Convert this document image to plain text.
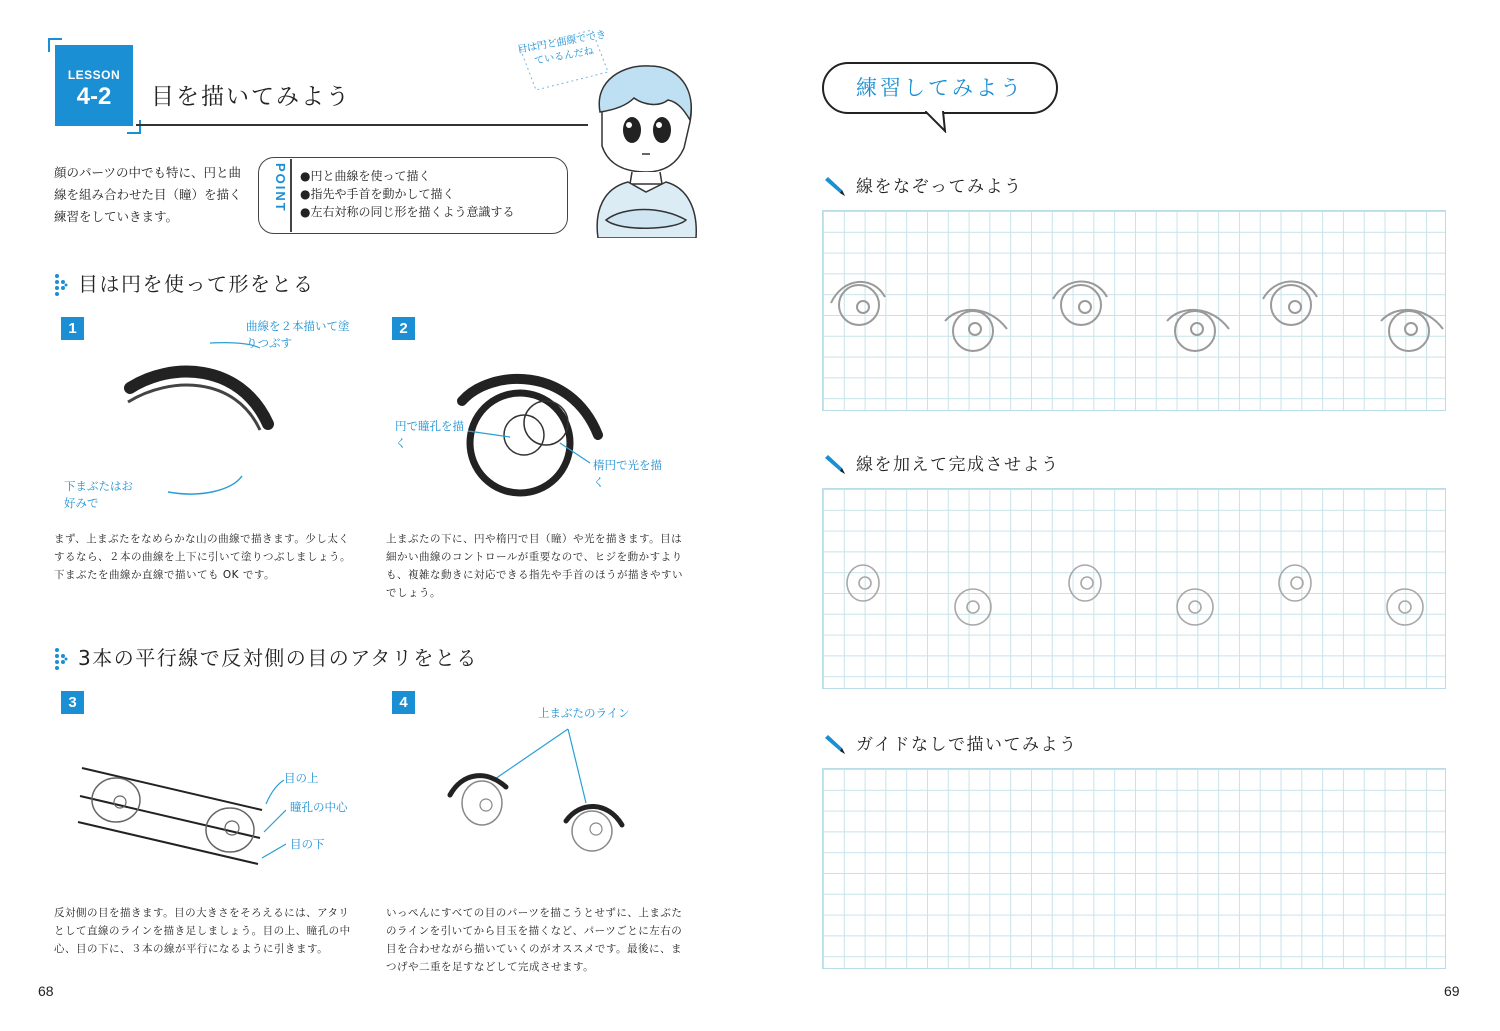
LESSON
4-2	目を描いてみよう
顔のパーツの中でも特に、円と曲線を組み合わせた目（瞳）を描く練習をしていきます。
POINT ●円と曲線を使って描く
●指先や手首を動かして描く
●左右対称の同じ形を描くよう意識する
目は円と曲線でできているんだね
目は円を使って形をとる
1	曲線を２本描いて塗りつぶす
下まぶたはお好みで
まず、上まぶたをなめらかな山の曲線で描きます。少し太くするなら、２本の曲線を上下に引いて塗りつぶしましょう。下まぶたを曲線か直線で描いても OK です。
2
円で瞳孔を描く
楕円で光を描く
上まぶたの下に、円や楕円で目（瞳）や光を描きます。目は細かい曲線のコントロールが重要なので、ヒジを動かすよりも、複雑な動きに対応できる指先や手首のほうが描きやすいでしょう。
3本の平行線で反対側の目のアタリをとる
3
目の上
瞳孔の中心
目の下
反対側の目を描きます。目の大きさをそろえるには、アタリとして直線のラインを描き足しましょう。目の上、瞳孔の中心、目の下に、３本の線が平行になるように引きます。
4
上まぶたのライン
いっぺんにすべての目のパーツを描こうとせずに、上まぶたのラインを引いてから目玉を描くなど、パーツごとに左右の目を合わせながら描いていくのがオススメです。最後に、まつげや二重を足すなどして完成させます。
68
練習してみよう
線をなぞってみよう
線を加えて完成させよう
ガイドなしで描いてみよう
69
